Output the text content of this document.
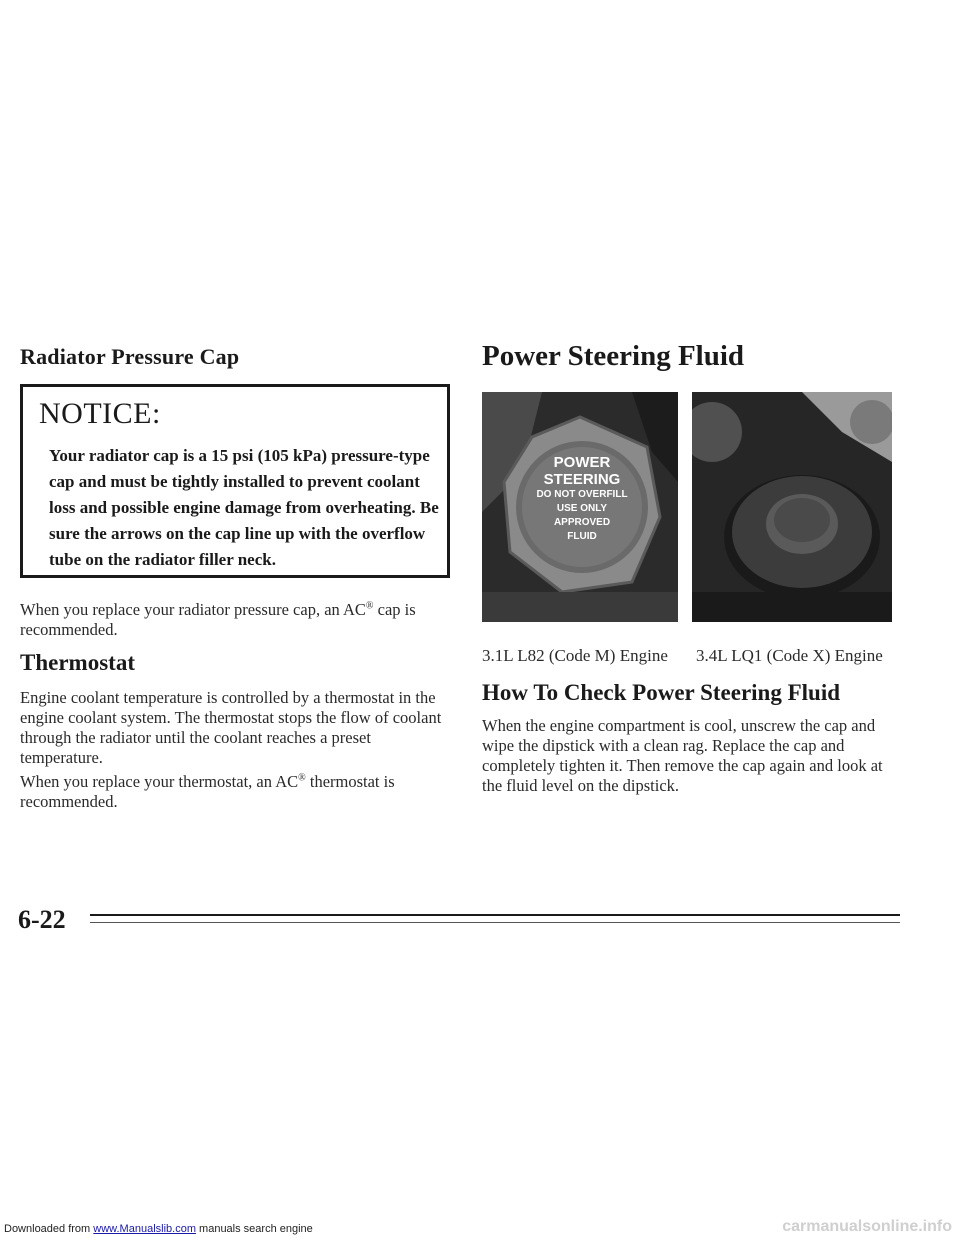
Radiator Pressure Cap
NOTICE:
Your radiator cap is a 15 psi (105 kPa) pressure-type cap and must be tightly installed to prevent coolant loss and possible engine damage from overheating. Be sure the arrows on the cap line up with the overflow tube on the radiator filler neck.
When you replace your radiator pressure cap, an AC® cap is recommended.
Thermostat
Engine coolant temperature is controlled by a thermostat in the engine coolant system. The thermostat stops the flow of coolant through the radiator until the coolant reaches a preset temperature.
When you replace your thermostat, an AC® thermostat is recommended.
Power Steering Fluid
POWER
STEERING
DO NOT OVERFILL
USE ONLY
APPROVED
FLUID
3.1L L82 (Code M) Engine 3.4L LQ1 (Code X) Engine
How To Check Power Steering Fluid
When the engine compartment is cool, unscrew the cap and wipe the dipstick with a clean rag. Replace the cap and completely tighten it. Then remove the cap again and look at the fluid level on the dipstick.
6-22
Downloaded from www.Manualslib.com manuals search engine	carmanualsonline.info
